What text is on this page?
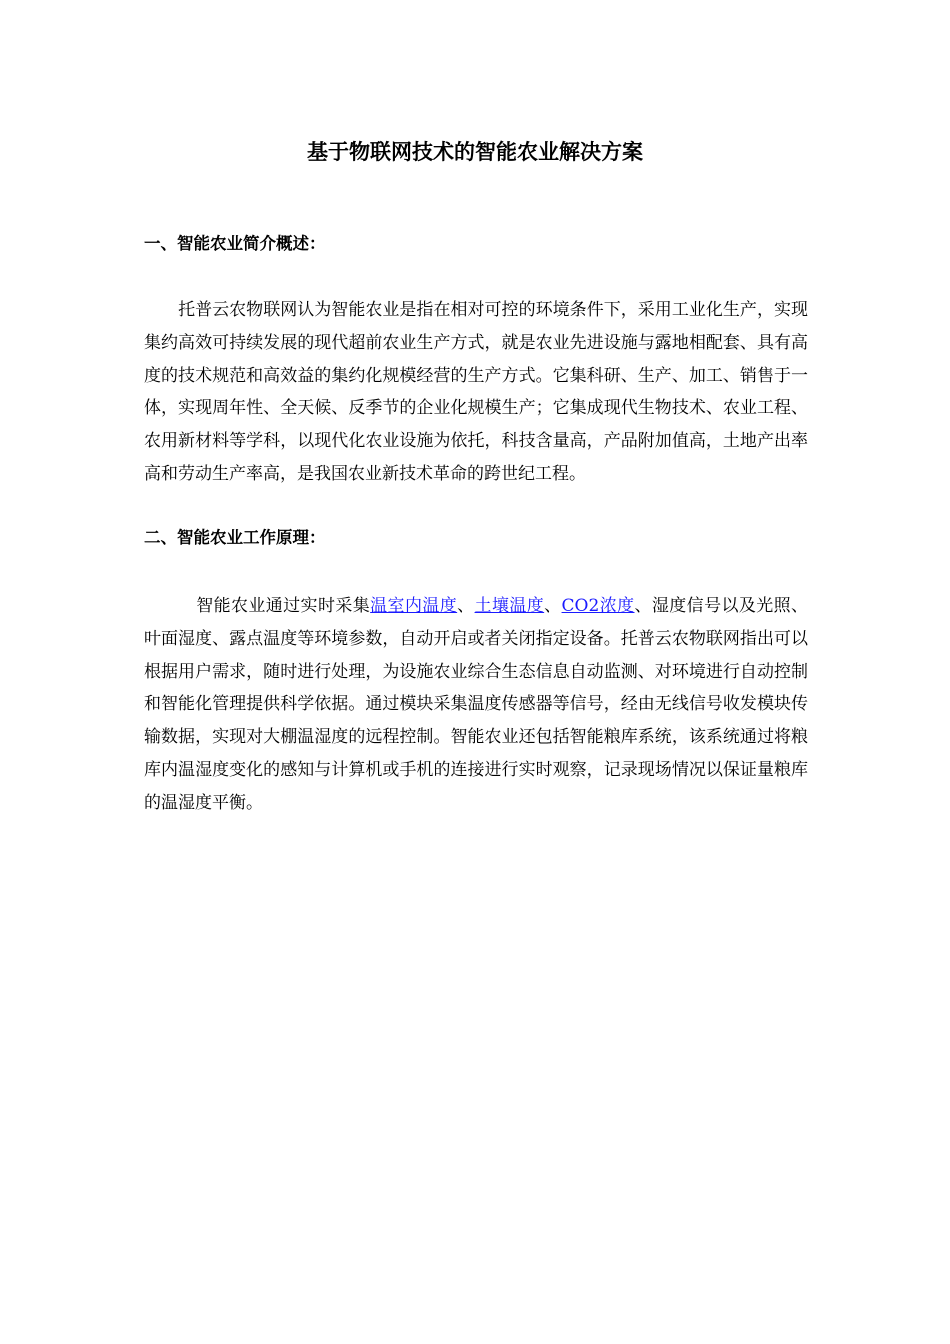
基于物联网技术的智能农业解决方案
一、智能农业简介概述：

　　托普云农物联网认为智能农业是指在相对可控的环境条件下，采用工业化生产，实现集约高效可持续发展的现代超前农业生产方式，就是农业先进设施与露地相配套、具有高度的技术规范和高效益的集约化规模经营的生产方式。它集科研、生产、加工、销售于一体，实现周年性、全天候、反季节的企业化规模生产；它集成现代生物技术、农业工程、农用新材料等学科，以现代化农业设施为依托，科技含量高，产品附加值高，土地产出率高和劳动生产率高，是我国农业新技术革命的跨世纪工程。

二、智能农业工作原理：

　　　智能农业通过实时采集温室内温度、土壤温度、CO2浓度、湿度信号以及光照、叶面湿度、露点温度等环境参数，自动开启或者关闭指定设备。托普云农物联网指出可以根据用户需求，随时进行处理，为设施农业综合生态信息自动监测、对环境进行自动控制和智能化管理提供科学依据。通过模块采集温度传感器等信号，经由无线信号收发模块传输数据，实现对大棚温湿度的远程控制。智能农业还包括智能粮库系统，该系统通过将粮库内温湿度变化的感知与计算机或手机的连接进行实时观察，记录现场情况以保证量粮库的温湿度平衡。
